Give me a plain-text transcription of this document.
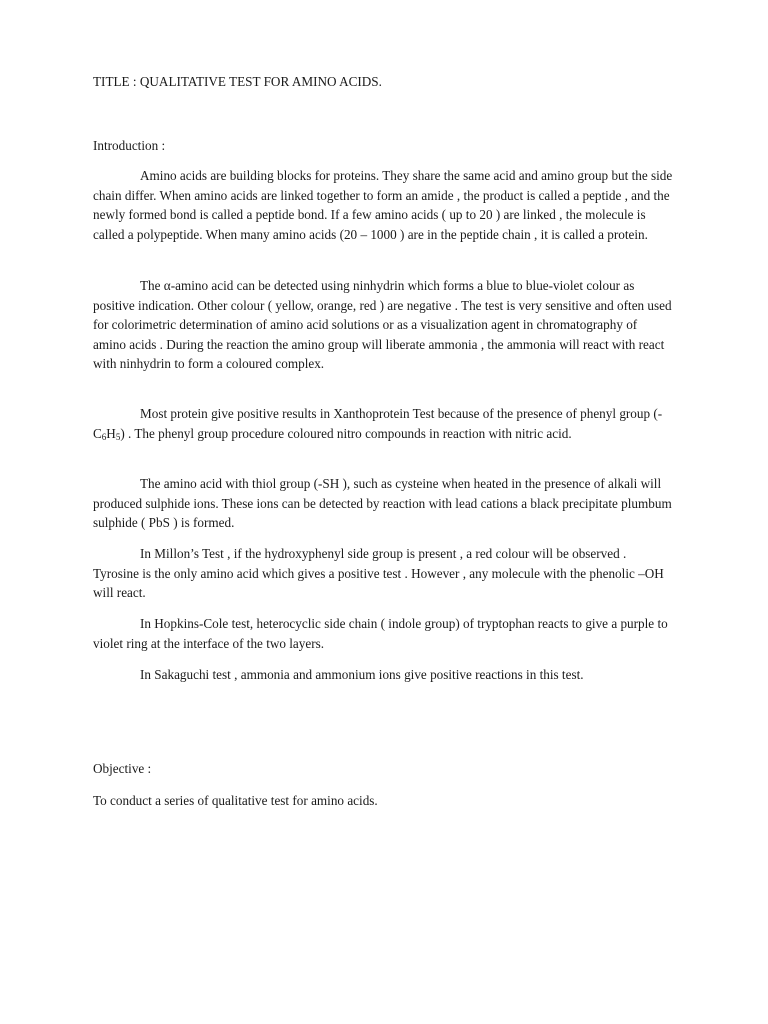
TITLE : QUALITATIVE TEST FOR AMINO ACIDS.

Introduction :

Amino acids are building blocks for proteins. They share the same acid and amino group but the side chain differ. When amino acids are linked together to form an amide , the product is called a peptide , and the newly formed bond is called a peptide bond. If a few amino acids ( up to 20 ) are linked , the molecule is called a polypeptide. When many amino acids (20 – 1000 ) are in the peptide chain , it is called a protein.

The α-amino acid can be detected using ninhydrin which forms a blue to blue-violet colour as positive indication. Other colour ( yellow, orange, red ) are negative . The test is very sensitive and often used for colorimetric determination of amino acid solutions or as a visualization agent in chromatography of amino acids . During the reaction the amino group will liberate ammonia , the ammonia will react with react with ninhydrin to form a coloured complex.

Most protein give positive results in Xanthoprotein Test because of the presence of phenyl group $(-C_6H_5)$ . The phenyl group procedure coloured nitro compounds in reaction with nitric acid.

The amino acid with thiol group (-SH ), such as cysteine when heated in the presence of alkali will produced sulphide ions. These ions can be detected by reaction with lead cations a black precipitate plumbum sulphide ( PbS ) is formed.

In Millon’s Test , if the hydroxyphenyl side group is present , a red colour will be observed . Tyrosine is the only amino acid which gives a positive test . However , any molecule with the phenolic –OH will react.

In Hopkins-Cole test, heterocyclic side chain ( indole group) of tryptophan reacts to give a purple to violet ring at the interface of the two layers.

In Sakaguchi test , ammonia and ammonium ions give positive reactions in this test.

Objective :

To conduct a series of qualitative test for amino acids.
